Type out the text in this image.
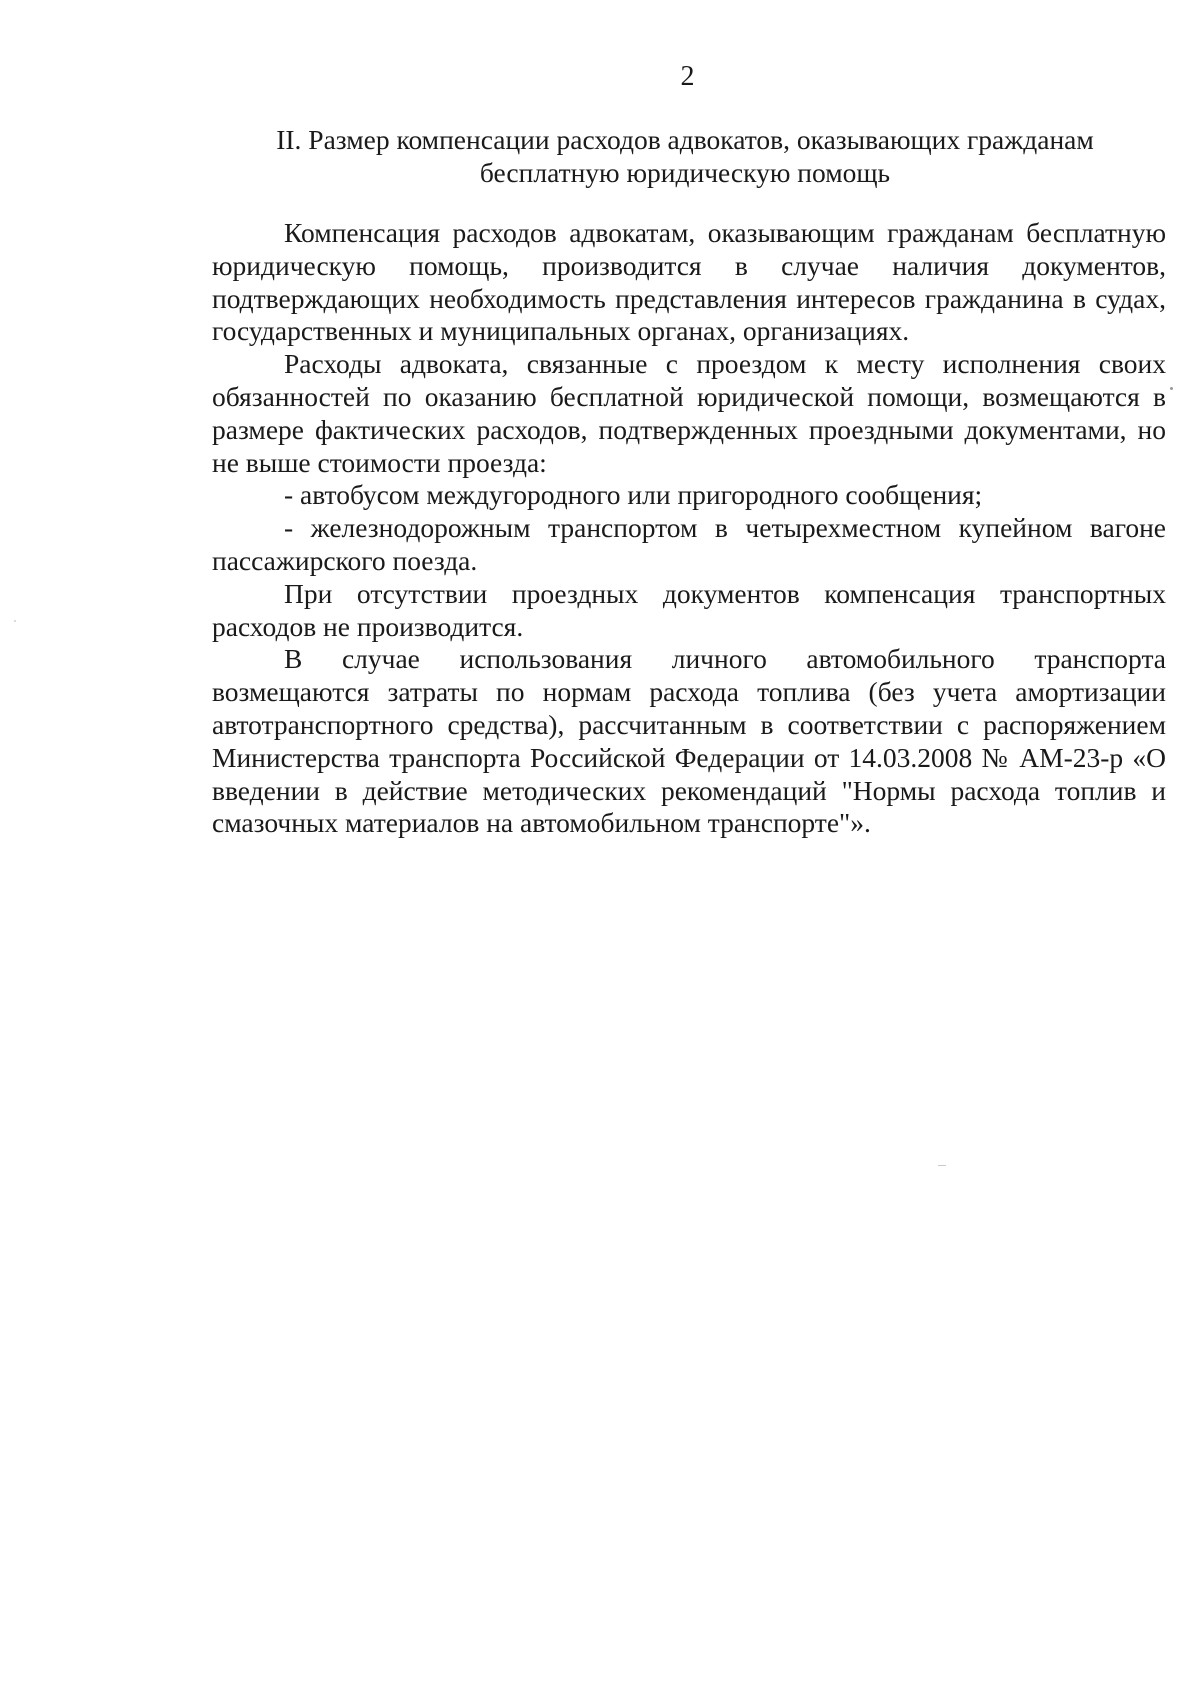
2
II. Размер компенсации расходов адвокатов, оказывающих гражданам
бесплатную юридическую помощь

Компенсация расходов адвокатам, оказывающим гражданам бесплатную юридическую помощь, производится в случае наличия документов, подтверждающих необходимость представления интересов гражданина в судах, государственных и муниципальных органах, организациях.

Расходы адвоката, связанные с проездом к месту исполнения своих обязанностей по оказанию бесплатной юридической помощи, возмещаются в размере фактических расходов, подтвержденных проездными документами, но не выше стоимости проезда:

- автобусом междугородного или пригородного сообщения;

- железнодорожным транспортом в четырехместном купейном вагоне пассажирского поезда.

При отсутствии проездных документов компенсация транспортных расходов не производится.

В случае использования личного автомобильного транспорта возмещаются затраты по нормам расхода топлива (без учета амортизации автотранспортного средства), рассчитанным в соответствии с распоряжением Министерства транспорта Российской Федерации от 14.03.2008 № АМ-23-р «О введении в действие методических рекомендаций "Нормы расхода топлив и смазочных материалов на автомобильном транспорте"».
